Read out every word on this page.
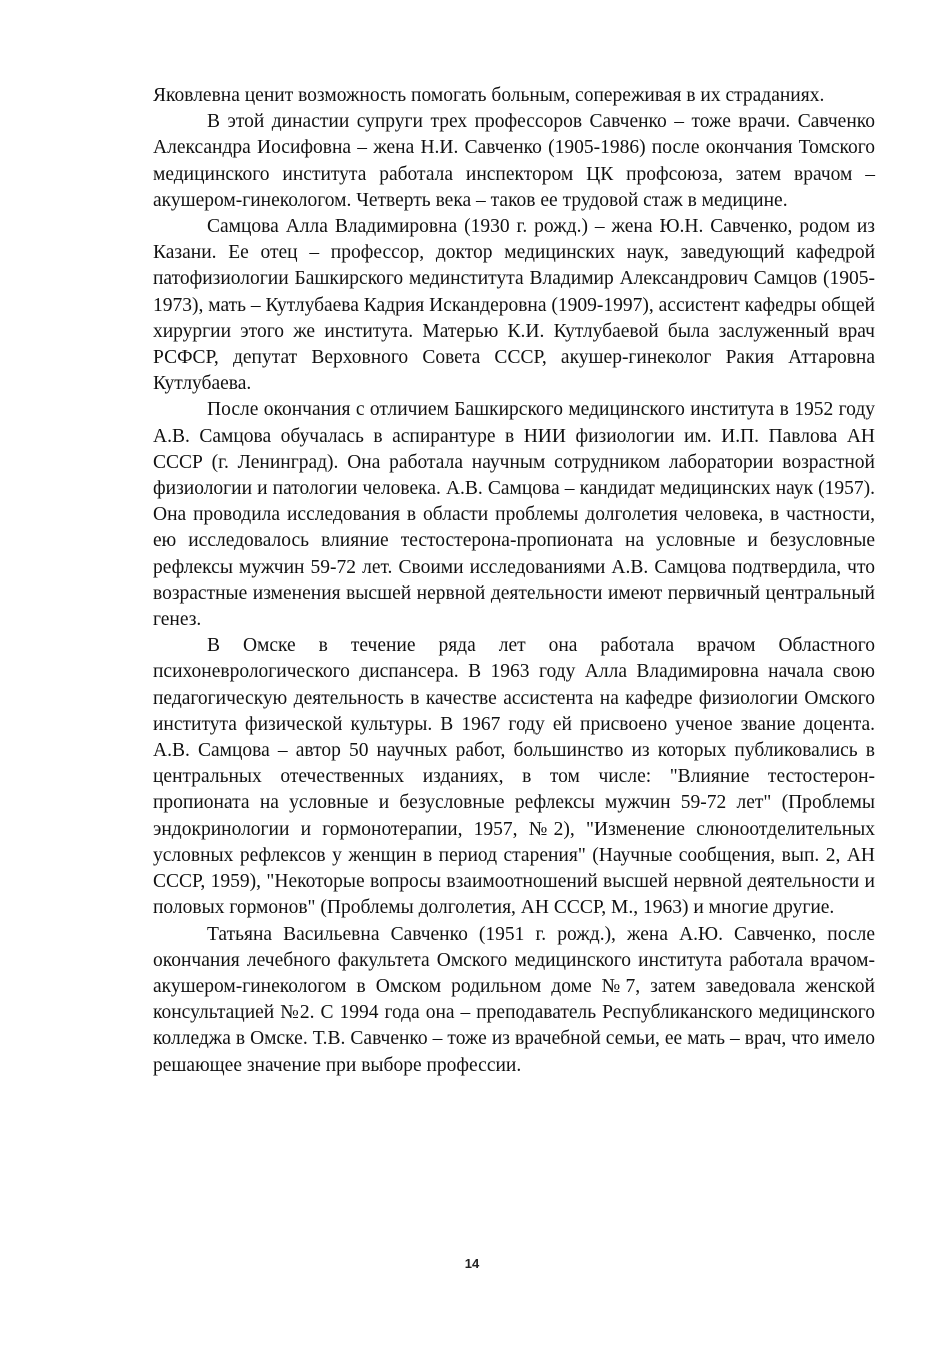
Яковлевна ценит возможность помогать больным, сопереживая в их страданиях.

В этой династии супруги трех профессоров Савченко – тоже врачи. Савченко Александра Иосифовна – жена Н.И. Савченко (1905-1986) после окончания Томского медицинского института работала инспектором ЦК профсоюза, затем врачом – акушером-гинекологом. Четверть века – таков ее трудовой стаж в медицине.

Самцова Алла Владимировна (1930 г. рожд.) – жена Ю.Н. Савченко, родом из Казани. Ее отец – профессор, доктор медицинских наук, заведующий кафедрой патофизиологии Башкирского мединститута Владимир Александрович Самцов (1905-1973), мать – Кутлубаева Кадрия Искандеровна (1909-1997), ассистент кафедры общей хирургии этого же института. Матерью К.И. Кутлубаевой была заслуженный врач РСФСР, депутат Верховного Совета СССР, акушер-гинеколог Ракия Аттаровна Кутлубаева.

После окончания с отличием Башкирского медицинского института в 1952 году А.В. Самцова обучалась в аспирантуре в НИИ физиологии им. И.П. Павлова АН СССР (г. Ленинград). Она работала научным сотрудником лаборатории возрастной физиологии и патологии человека. А.В. Самцова – кандидат медицинских наук (1957). Она проводила исследования в области проблемы долголетия человека, в частности, ею исследовалось влияние тестостерона-пропионата на условные и безусловные рефлексы мужчин 59-72 лет. Своими исследованиями А.В. Самцова подтвердила, что возрастные изменения высшей нервной деятельности имеют первичный центральный генез.

В Омске в течение ряда лет она работала врачом Областного психоневрологического диспансера. В 1963 году Алла Владимировна начала свою педагогическую деятельность в качестве ассистента на кафедре физиологии Омского института физической культуры. В 1967 году ей присвоено ученое звание доцента. А.В. Самцова – автор 50 научных работ, большинство из которых публиковались в центральных отечественных изданиях, в том числе: "Влияние тестостерон-пропионата на условные и безусловные рефлексы мужчин 59-72 лет" (Проблемы эндокринологии и гормонотерапии, 1957, №2), "Изменение слюноотделительных условных рефлексов у женщин в период старения" (Научные сообщения, вып. 2, АН СССР, 1959), "Некоторые вопросы взаимоотношений высшей нервной деятельности и половых гормонов" (Проблемы долголетия, АН СССР, М., 1963) и многие другие.

Татьяна Васильевна Савченко (1951 г. рожд.), жена А.Ю. Савченко, после окончания лечебного факультета Омского медицинского института работала врачом-акушером-гинекологом в Омском родильном доме №7, затем заведовала женской консультацией №2. С 1994 года она – преподаватель Республиканского медицинского колледжа в Омске. Т.В. Савченко – тоже из врачебной семьи, ее мать – врач, что имело решающее значение при выборе профессии.

14
